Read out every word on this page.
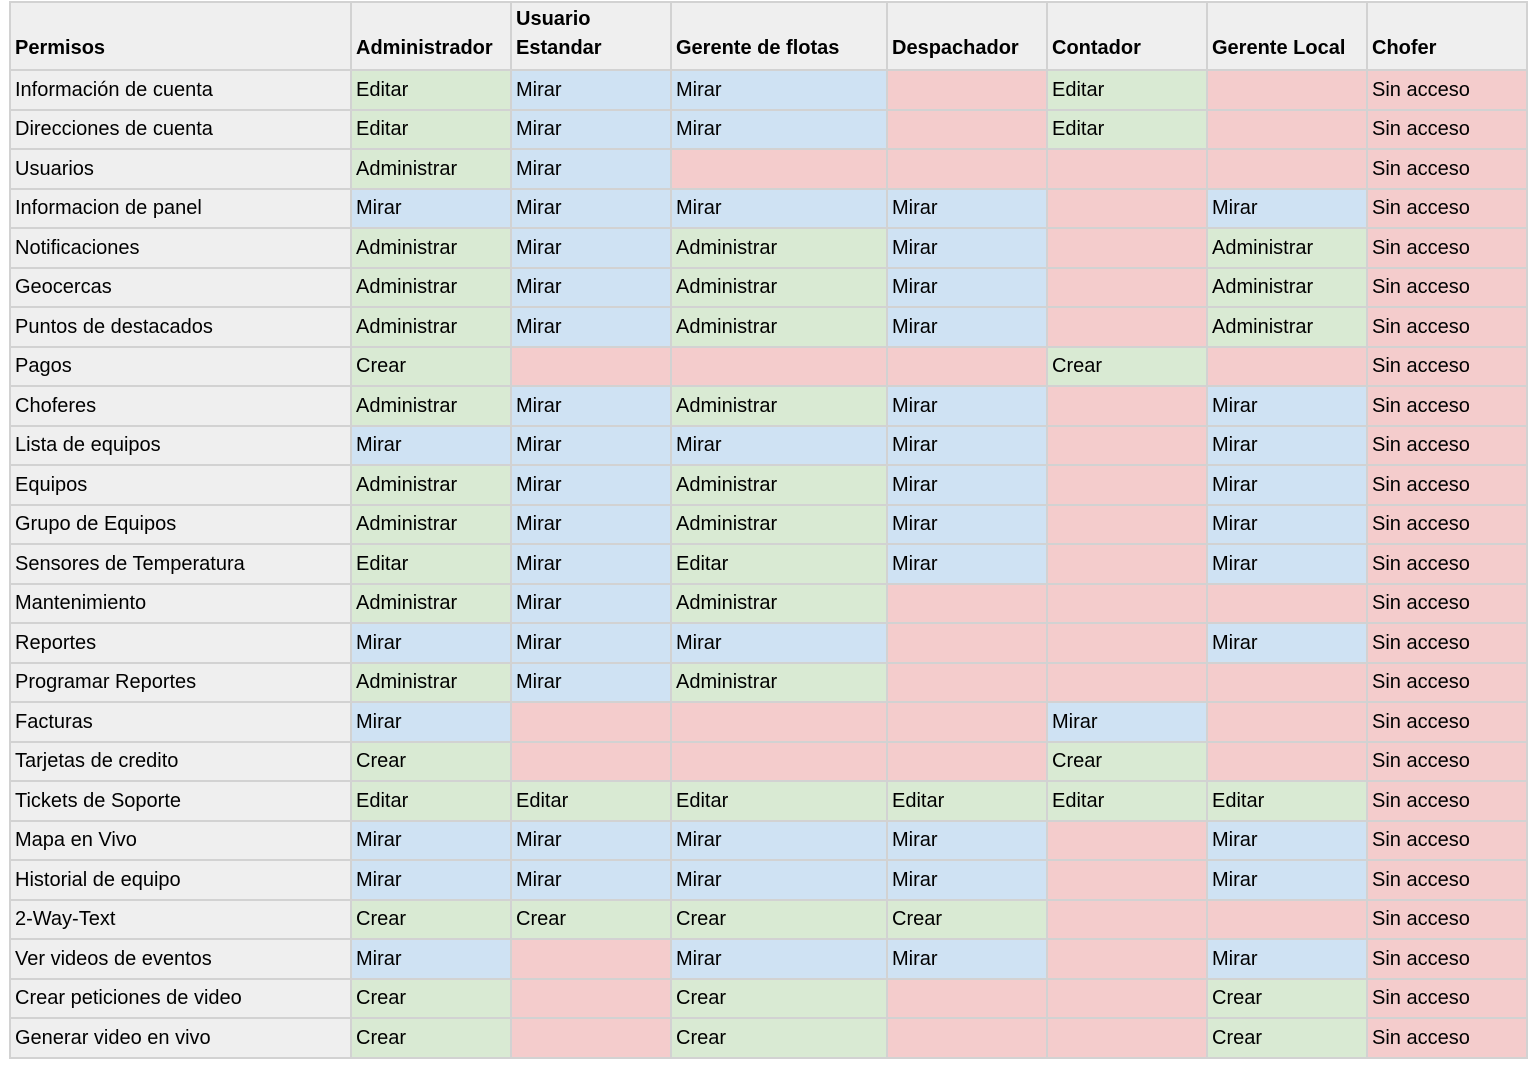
Permisos	Administrador	Usuario Estandar	Gerente de flotas	Despachador	Contador	Gerente Local	Chofer
Información de cuenta	Editar	Mirar	Mirar		Editar		Sin acceso
Direcciones de cuenta	Editar	Mirar	Mirar		Editar		Sin acceso
Usuarios	Administrar	Mirar					Sin acceso
Informacion de panel	Mirar	Mirar	Mirar	Mirar		Mirar	Sin acceso
Notificaciones	Administrar	Mirar	Administrar	Mirar		Administrar	Sin acceso
Geocercas	Administrar	Mirar	Administrar	Mirar		Administrar	Sin acceso
Puntos de destacados	Administrar	Mirar	Administrar	Mirar		Administrar	Sin acceso
Pagos	Crear				Crear		Sin acceso
Choferes	Administrar	Mirar	Administrar	Mirar		Mirar	Sin acceso
Lista de equipos	Mirar	Mirar	Mirar	Mirar		Mirar	Sin acceso
Equipos	Administrar	Mirar	Administrar	Mirar		Mirar	Sin acceso
Grupo de Equipos	Administrar	Mirar	Administrar	Mirar		Mirar	Sin acceso
Sensores de Temperatura	Editar	Mirar	Editar	Mirar		Mirar	Sin acceso
Mantenimiento	Administrar	Mirar	Administrar				Sin acceso
Reportes	Mirar	Mirar	Mirar			Mirar	Sin acceso
Programar Reportes	Administrar	Mirar	Administrar				Sin acceso
Facturas	Mirar				Mirar		Sin acceso
Tarjetas de credito	Crear				Crear		Sin acceso
Tickets de Soporte	Editar	Editar	Editar	Editar	Editar	Editar	Sin acceso
Mapa en Vivo	Mirar	Mirar	Mirar	Mirar		Mirar	Sin acceso
Historial de equipo	Mirar	Mirar	Mirar	Mirar		Mirar	Sin acceso
2-Way-Text	Crear	Crear	Crear	Crear			Sin acceso
Ver videos de eventos	Mirar		Mirar	Mirar		Mirar	Sin acceso
Crear peticiones de video	Crear		Crear			Crear	Sin acceso
Generar video en vivo	Crear		Crear			Crear	Sin acceso
